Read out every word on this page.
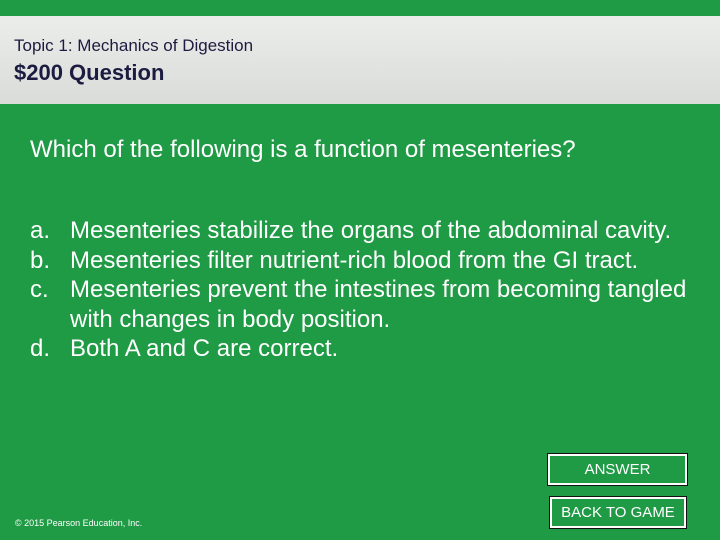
Topic 1: Mechanics of Digestion
$200 Question
Which of the following is a function of mesenteries?
a. Mesenteries stabilize the organs of the abdominal cavity.
b. Mesenteries filter nutrient-rich blood from the GI tract.
c. Mesenteries prevent the intestines from becoming tangled with changes in body position.
d. Both A and C are correct.
ANSWER
BACK TO GAME
© 2015 Pearson Education, Inc.
